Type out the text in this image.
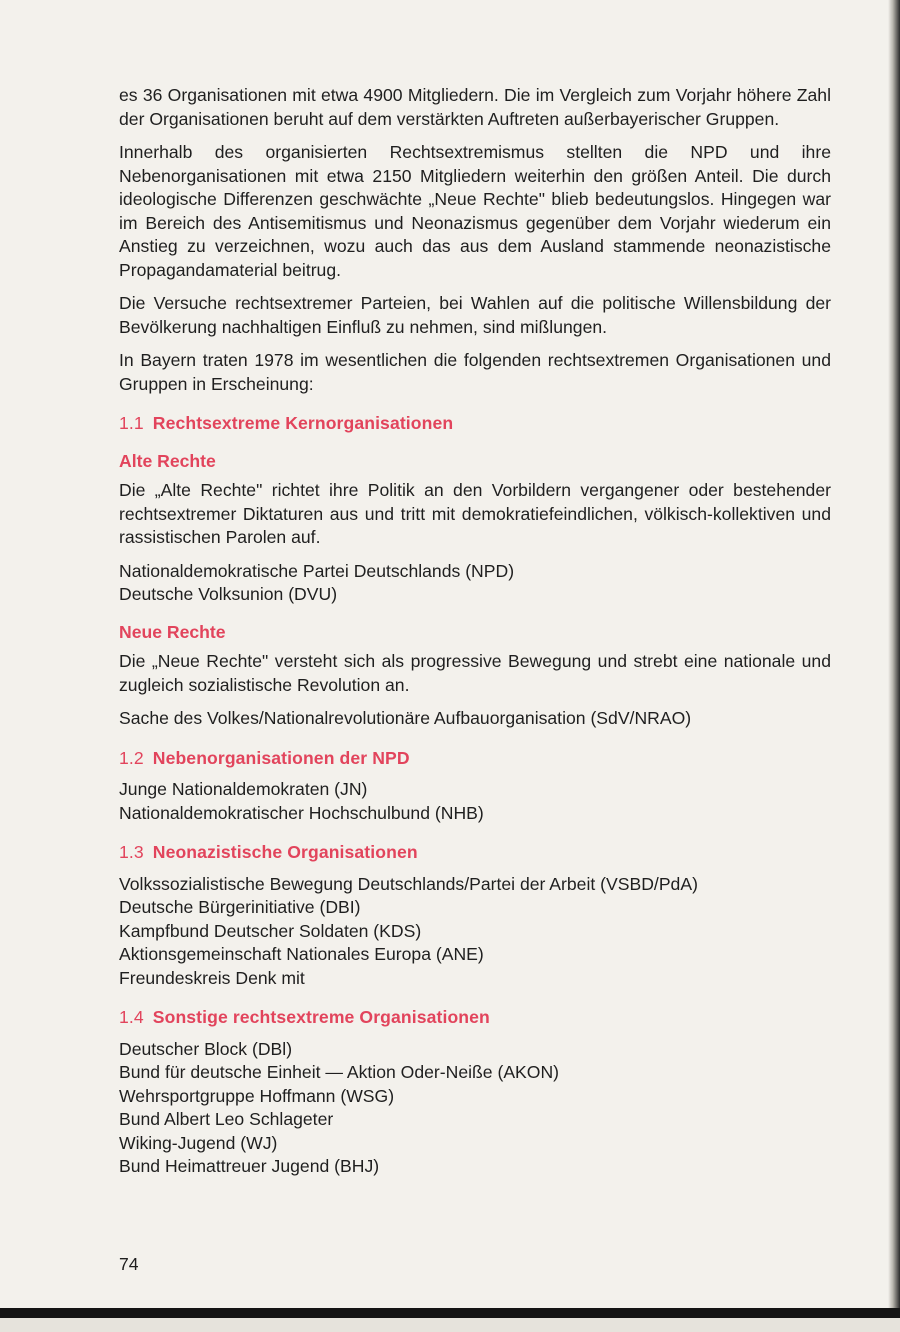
es 36 Organisationen mit etwa 4900 Mitgliedern. Die im Vergleich zum Vorjahr höhere Zahl der Organisationen beruht auf dem verstärkten Auftreten außerbayerischer Gruppen.

Innerhalb des organisierten Rechtsextremismus stellten die NPD und ihre Nebenorganisationen mit etwa 2150 Mitgliedern weiterhin den größen Anteil. Die durch ideologische Differenzen geschwächte „Neue Rechte" blieb bedeutungslos. Hingegen war im Bereich des Antisemitismus und Neonazismus gegenüber dem Vorjahr wiederum ein Anstieg zu verzeichnen, wozu auch das aus dem Ausland stammende neonazistische Propagandamaterial beitrug.

Die Versuche rechtsextremer Parteien, bei Wahlen auf die politische Willensbildung der Bevölkerung nachhaltigen Einfluß zu nehmen, sind mißlungen.

In Bayern traten 1978 im wesentlichen die folgenden rechtsextremen Organisationen und Gruppen in Erscheinung:

1.1 Rechtsextreme Kernorganisationen
Alte Rechte

Die „Alte Rechte" richtet ihre Politik an den Vorbildern vergangener oder bestehender rechtsextremer Diktaturen aus und tritt mit demokratiefeindlichen, völkisch-kollektiven und rassistischen Parolen auf.

Nationaldemokratische Partei Deutschlands (NPD)
Deutsche Volksunion (DVU)
Neue Rechte

Die „Neue Rechte" versteht sich als progressive Bewegung und strebt eine nationale und zugleich sozialistische Revolution an.

Sache des Volkes/Nationalrevolutionäre Aufbauorganisation (SdV/NRAO)
1.2 Nebenorganisationen der NPD
Junge Nationaldemokraten (JN)
Nationaldemokratischer Hochschulbund (NHB)
1.3 Neonazistische Organisationen
Volkssozialistische Bewegung Deutschlands/Partei der Arbeit (VSBD/PdA)
Deutsche Bürgerinitiative (DBI)
Kampfbund Deutscher Soldaten (KDS)
Aktionsgemeinschaft Nationales Europa (ANE)
Freundeskreis Denk mit
1.4 Sonstige rechtsextreme Organisationen
Deutscher Block (DBl)
Bund für deutsche Einheit — Aktion Oder-Neiße (AKON)
Wehrsportgruppe Hoffmann (WSG)
Bund Albert Leo Schlageter
Wiking-Jugend (WJ)
Bund Heimattreuer Jugend (BHJ)
74
